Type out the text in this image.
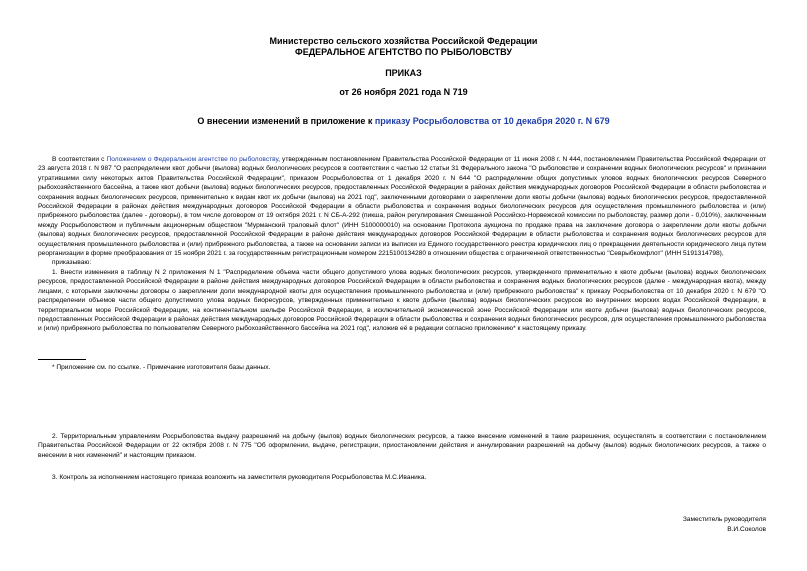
Министерство сельского хозяйства Российской Федерации
ФЕДЕРАЛЬНОЕ АГЕНТСТВО ПО РЫБОЛОВСТВУ
ПРИКАЗ
от 26 ноября 2021 года N 719
О внесении изменений в приложение к приказу Росрыболовства от 10 декабря 2020 г. N 679
В соответствии с Положением о Федеральном агентстве по рыболовству, утвержденным постановлением Правительства Российской Федерации от 11 июня 2008 г. N 444, постановлением Правительства Российской Федерации от 23 августа 2018 г. N 987 "О распределении квот добычи (вылова) водных биологических ресурсов в соответствии с частью 12 статьи 31 Федерального закона "О рыболовстве и сохранении водных биологических ресурсов" и признании утратившими силу некоторых актов Правительства Российской Федерации", приказом Росрыболовства от 1 декабря 2020 г. N 644 "О распределении общих допустимых уловов водных биологических ресурсов Северного рыбохозяйственного бассейна, а также квот добычи (вылова) водных биологических ресурсов, предоставленных Российской Федерации в районах действия международных договоров Российской Федерации в области рыболовства и сохранения водных биологических ресурсов, применительно к видам квот их добычи (вылова) на 2021 год", заключенными договорами о закреплении доли квоты добычи (вылова) водных биологических ресурсов, предоставленной Российской Федерации в районах действия международных договоров Российской Федерации в области рыболовства и сохранения водных биологических ресурсов для осуществления промышленного рыболовства и (или) прибрежного рыболовства (далее - договоры), в том числе договором от 19 октября 2021 г. N СБ-А-292 (пикша, район регулирования Смешанной Российско-Норвежской комиссии по рыболовству, размер доли - 0,010%), заключенным между Росрыболовством и публичным акционерным обществом "Мурманский траловый флот" (ИНН 5100000010) на основании Протокола аукциона по продаже права на заключение договора о закреплении доли квоты добычи (вылова) водных биологических ресурсов, предоставленной Российской Федерации в районе действия международных договоров Российской Федерации в области рыболовства и сохранения водных биологических ресурсов для осуществления промышленного рыболовства и (или) прибрежного рыболовства, а также на основании записи из выписки из Единого государственного реестра юридических лиц о прекращении деятельности юридического лица путем реорганизации в форме преобразования от 15 ноября 2021 г. за государственным регистрационным номером 2215100134280 в отношении общества с ограниченной ответственностью "Севрыбкомфлот" (ИНН 5191314798),
приказываю:
1. Внести изменения в таблицу N 2 приложения N 1 "Распределение объема части общего допустимого улова водных биологических ресурсов, утвержденного применительно к квоте добычи (вылова) водных биологических ресурсов, предоставленной Российской Федерации в районе действия международных договоров Российской Федерации в области рыболовства и сохранения водных биологических ресурсов (далее - международная квота), между лицами, с которыми заключены договоры о закреплении доли международной квоты для осуществления промышленного рыболовства и (или) прибрежного рыболовства" к приказу Росрыболовства от 10 декабря 2020 г. N 679 "О распределении объемов части общего допустимого улова водных биоресурсов, утвержденных применительно к квоте добычи (вылова) водных биологических ресурсов во внутренних морских водах Российской Федерации, в территориальном море Российской Федерации, на континентальном шельфе Российской Федерации, в исключительной экономической зоне Российской Федерации или квоте добычи (вылова) водных биологических ресурсов, предоставленных Российской Федерации в районах действия международных договоров Российской Федерации в области рыболовства и сохранения водных биологических ресурсов, для осуществления промышленного рыболовства и (или) прибрежного рыболовства по пользователям Северного рыбохозяйственного бассейна на 2021 год", изложив её в редакции согласно приложению* к настоящему приказу.
* Приложение см. по ссылке. - Примечание изготовителя базы данных.
2. Территориальным управлениям Росрыболовства выдачу разрешений на добычу (вылов) водных биологических ресурсов, а также внесение изменений в такие разрешения, осуществлять в соответствии с постановлением Правительства Российской Федерации от 22 октября 2008 г. N 775 "Об оформлении, выдаче, регистрации, приостановлении действия и аннулировании разрешений на добычу (вылов) водных биологических ресурсов, а также о внесении в них изменений" и настоящим приказом.
3. Контроль за исполнением настоящего приказа возложить на заместителя руководителя Росрыболовства М.С.Иваника.
Заместитель руководителя
В.И.Соколов
